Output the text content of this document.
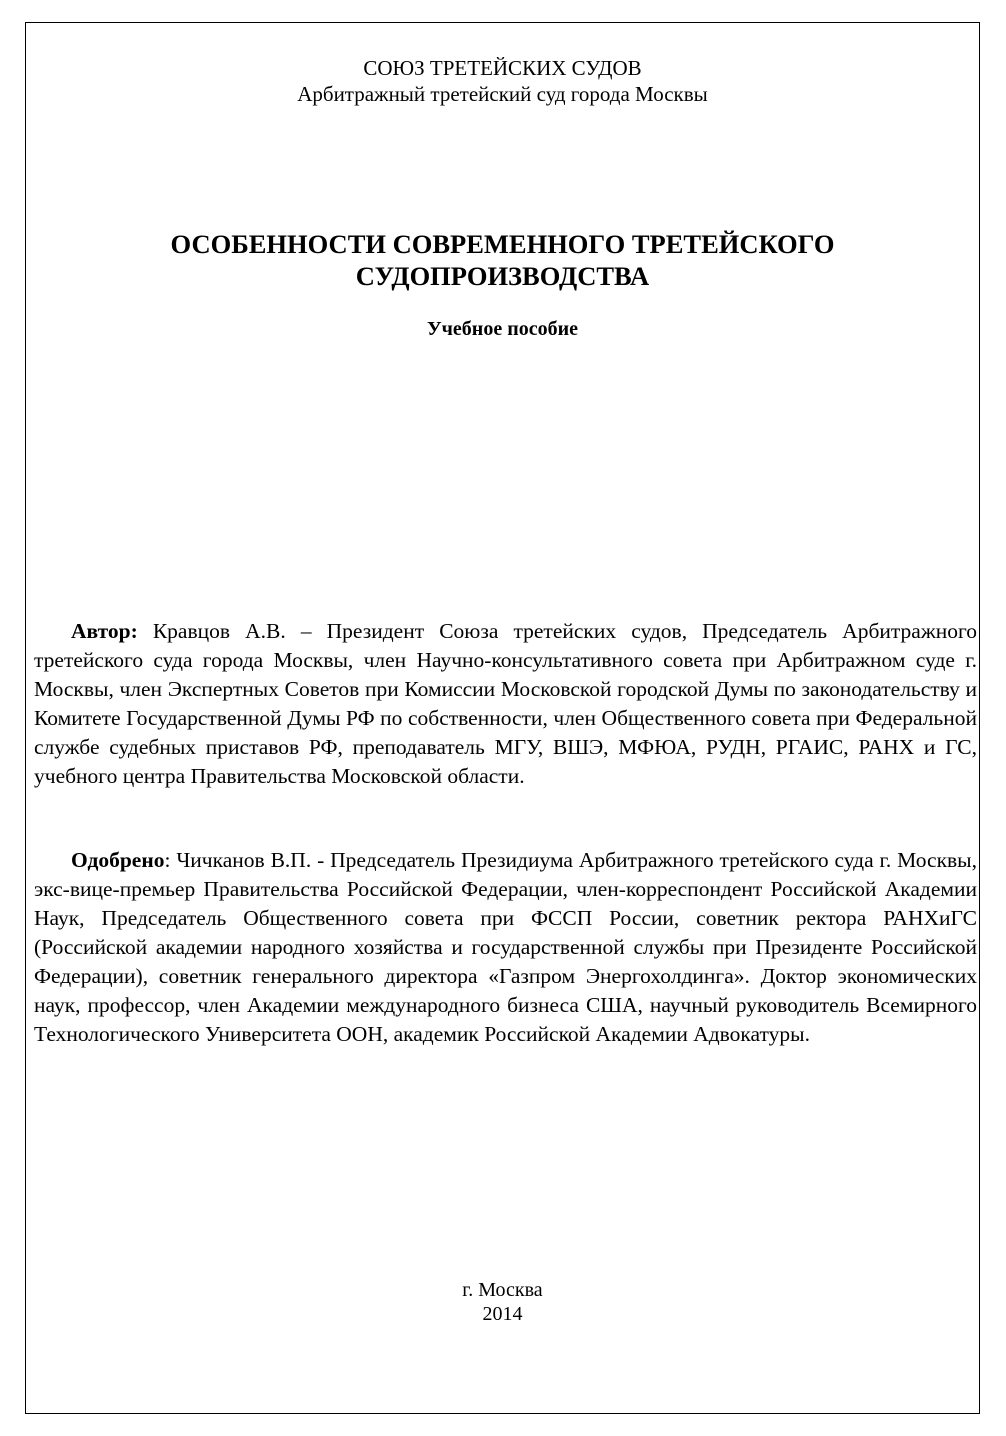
СОЮЗ ТРЕТЕЙСКИХ СУДОВ
Арбитражный третейский суд города Москвы
ОСОБЕННОСТИ СОВРЕМЕННОГО ТРЕТЕЙСКОГО
СУДОПРОИЗВОДСТВА
Учебное пособие
Автор: Кравцов А.В. – Президент Союза третейских судов, Председатель Арбитражного третейского суда города Москвы, член Научно-консультативного совета при Арбитражном суде г. Москвы, член Экспертных Советов при Комиссии Московской городской Думы по законодательству и Комитете Государственной Думы РФ по собственности, член Общественного совета при Федеральной службе судебных приставов РФ, преподаватель МГУ, ВШЭ, МФЮА, РУДН, РГАИС, РАНХ и ГС, учебного центра Правительства Московской области.
Одобрено: Чичканов В.П. - Председатель Президиума Арбитражного третейского суда г. Москвы, экс-вице-премьер Правительства Российской Федерации, член-корреспондент Российской Академии Наук, Председатель Общественного совета при ФССП России, советник ректора РАНХиГС (Российской академии народного хозяйства и государственной службы при Президенте Российской Федерации), советник генерального директора «Газпром Энергохолдинга». Доктор экономических наук, профессор, член Академии международного бизнеса США, научный руководитель Всемирного Технологического Университета ООН, академик Российской Академии Адвокатуры.
г. Москва
2014
